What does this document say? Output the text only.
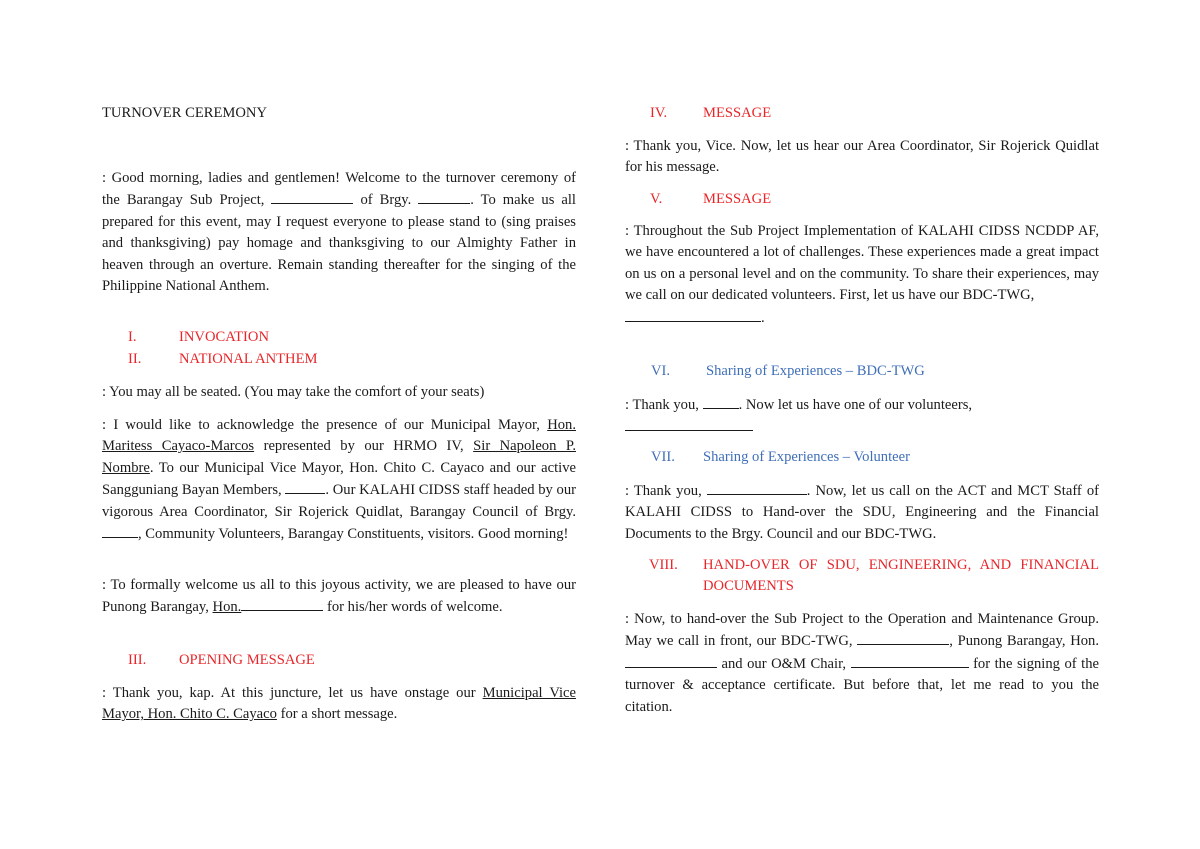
TURNOVER CEREMONY

: Good morning, ladies and gentlemen! Welcome to the turnover ceremony of the Barangay Sub Project,	of Brgy.	. To make us all prepared for this event, may I request everyone to please stand to (sing praises and thanksgiving) pay homage and thanksgiving to our Almighty Father in heaven through an overture. Remain standing thereafter for the singing of the Philippine National Anthem.

I.	INVOCATION

II.	NATIONAL ANTHEM

: You may all be seated. (You may take the comfort of your seats)

: I would like to acknowledge the presence of our Municipal Mayor, Hon. Maritess Cayaco-Marcos represented by our HRMO IV, Sir Napoleon P. Nombre. To our Municipal Vice Mayor, Hon. Chito C. Cayaco and our active Sangguniang Bayan Members,	. Our KALAHI CIDSS staff headed by our vigorous Area Coordinator, Sir Rojerick Quidlat, Barangay Council of Brgy. , Community Volunteers, Barangay Constituents, visitors. Good morning!

: To formally welcome us all to this joyous activity, we are pleased to have our Punong Barangay, Hon.	for his/her words of welcome.

III. OPENING MESSAGE

: Thank you, kap. At this juncture, let us have onstage our Municipal Vice Mayor, Hon. Chito C. Cayaco for a short message.

IV. MESSAGE

: Thank you, Vice. Now, let us hear our Area Coordinator, Sir Rojerick Quidlat for his message.

V.	MESSAGE

: Throughout the Sub Project Implementation of KALAHI CIDSS NCDDP AF, we have encountered a lot of challenges. These experiences made a great impact on us on a personal level and on the community. To share their experiences, may we call on our dedicated volunteers. First, let us have our BDC-TWG,
.

VI. Sharing of Experiences – BDC-TWG

: Thank you,	. Now let us have one of our volunteers,

VII. Sharing of Experiences – Volunteer

: Thank you,	. Now, let us call on the ACT and MCT Staff of KALAHI CIDSS to Hand-over the SDU, Engineering and the Financial Documents to the Brgy. Council and our BDC-TWG.

VIII. HAND-OVER OF SDU, ENGINEERING, AND FINANCIAL DOCUMENTS

: Now, to hand-over the Sub Project to the Operation and Maintenance Group. May we call in front, our BDC-TWG,	, Punong Barangay, Hon.  and our O&M Chair,	for the signing of the turnover & acceptance certificate. But before that, let me read to you the citation.
